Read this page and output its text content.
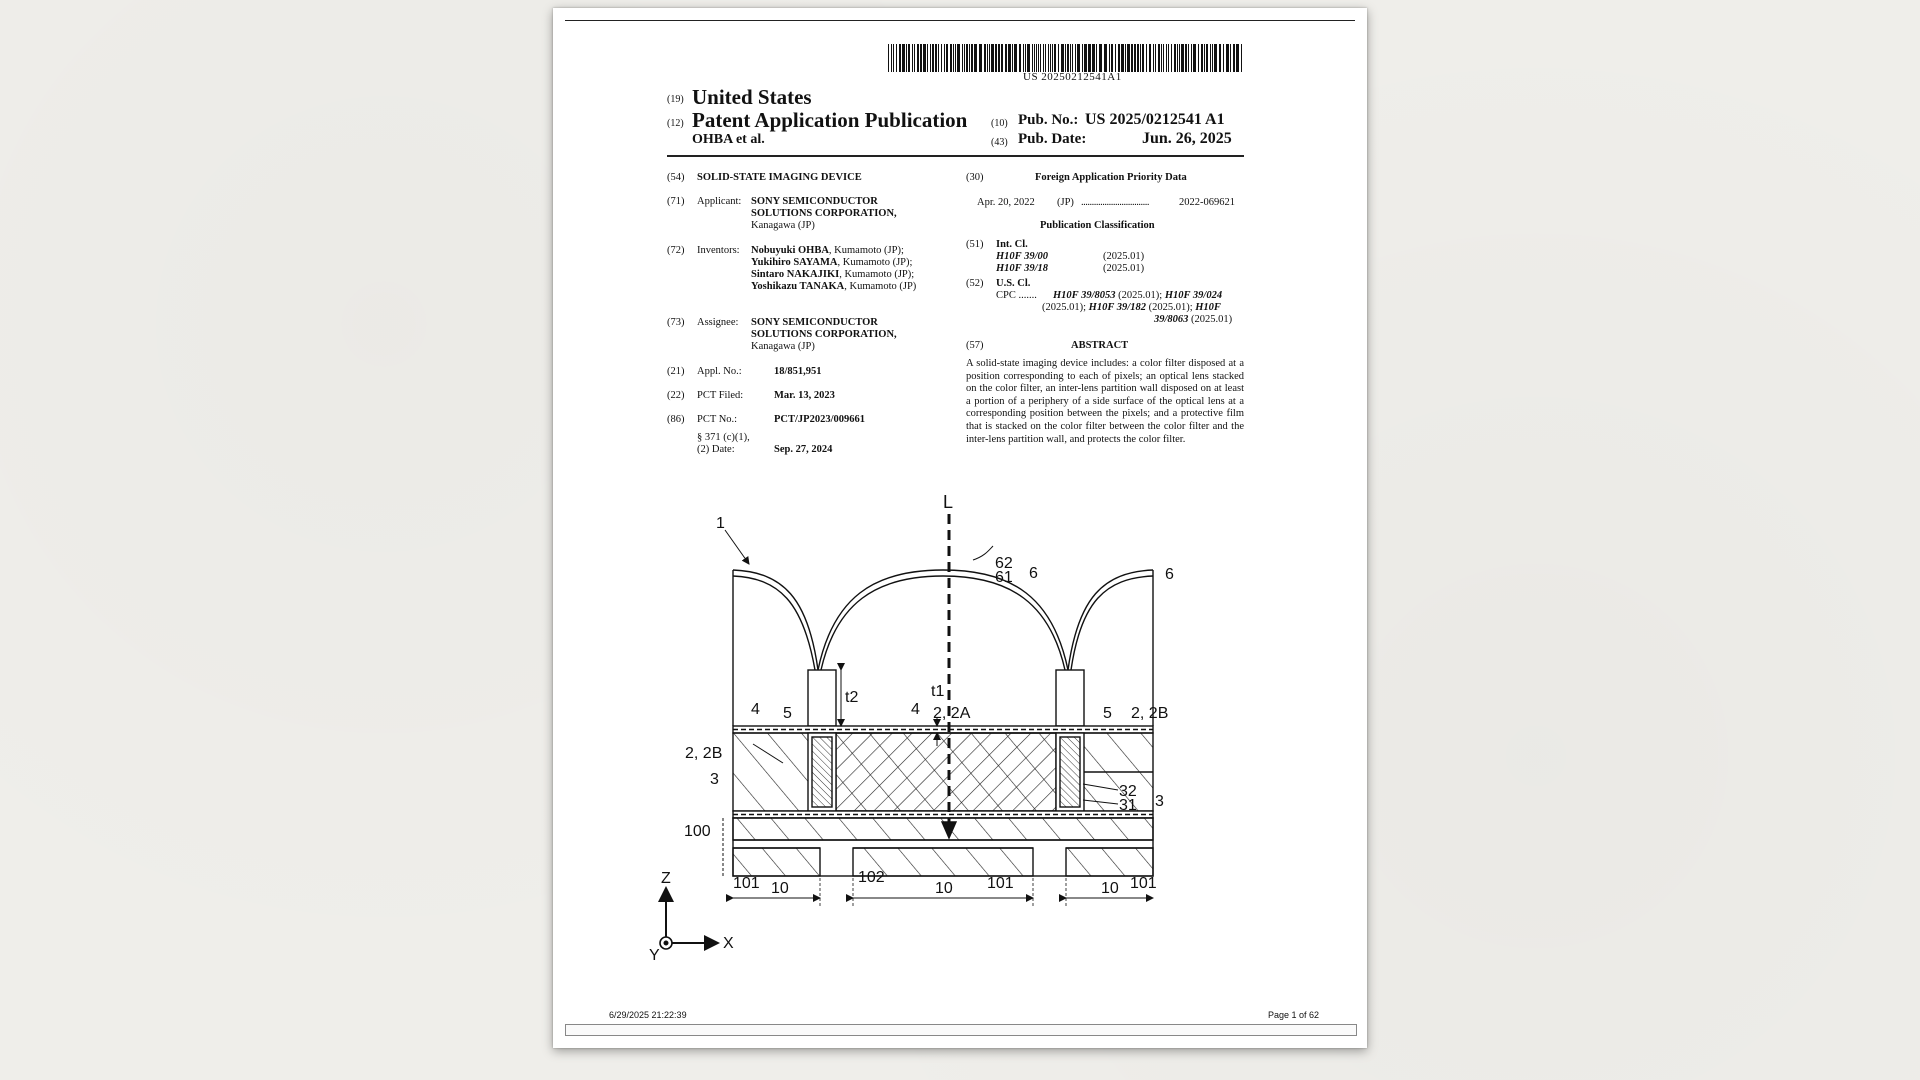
US 20250212541A1
(19) United States
(12) Patent Application Publication
OHBA et al.
(10) Pub. No.: US 2025/0212541 A1
(43) Pub. Date:	Jun. 26, 2025
(54) SOLID-STATE IMAGING DEVICE
(71) Applicant: SONY SEMICONDUCTOR
SOLUTIONS CORPORATION,
Kanagawa (JP)
(72) Inventors: Nobuyuki OHBA, Kumamoto (JP);
Yukihiro SAYAMA, Kumamoto (JP);
Sintaro NAKAJIKI, Kumamoto (JP);
Yoshikazu TANAKA, Kumamoto (JP)
(73) Assignee: SONY SEMICONDUCTOR
SOLUTIONS CORPORATION,
Kanagawa (JP)
(21) Appl. No.:	18/851,951
(22) PCT Filed:	Mar. 13, 2023
(86) PCT No.:	PCT/JP2023/009661
§ 371 (c)(1),
(2) Date:	Sep. 27, 2024
(30)	Foreign Application Priority Data
Apr. 20, 2022 (JP) ................................	2022-069621
Publication Classification
(51) Int. Cl.
H10F 39/00	(2025.01)
H10F 39/18	(2025.01)
(52) U.S. Cl.
CPC ....... H10F 39/8053 (2025.01); H10F 39/024
(2025.01); H10F 39/182 (2025.01); H10F
39/8063 (2025.01)
(57)	ABSTRACT
A solid-state imaging device includes: a color filter disposed at a position corresponding to each of pixels; an optical lens stacked on the color filter, an inter-lens partition wall disposed on at least a portion of a periphery of a side surface of the optical lens at a corresponding position between the pixels; and a protective film that is stacked on the color filter between the color filter and the inter-lens partition wall, and protects the color filter.
L
1
62
61 6	6
t2	t1
4 5	4 2, 2A	5 2, 2B
2, 2B
3
32
31 3
100
101 10
102
10 101	10 101
Z
X
Y
6/29/2025 21:22:39	Page 1 of 62
